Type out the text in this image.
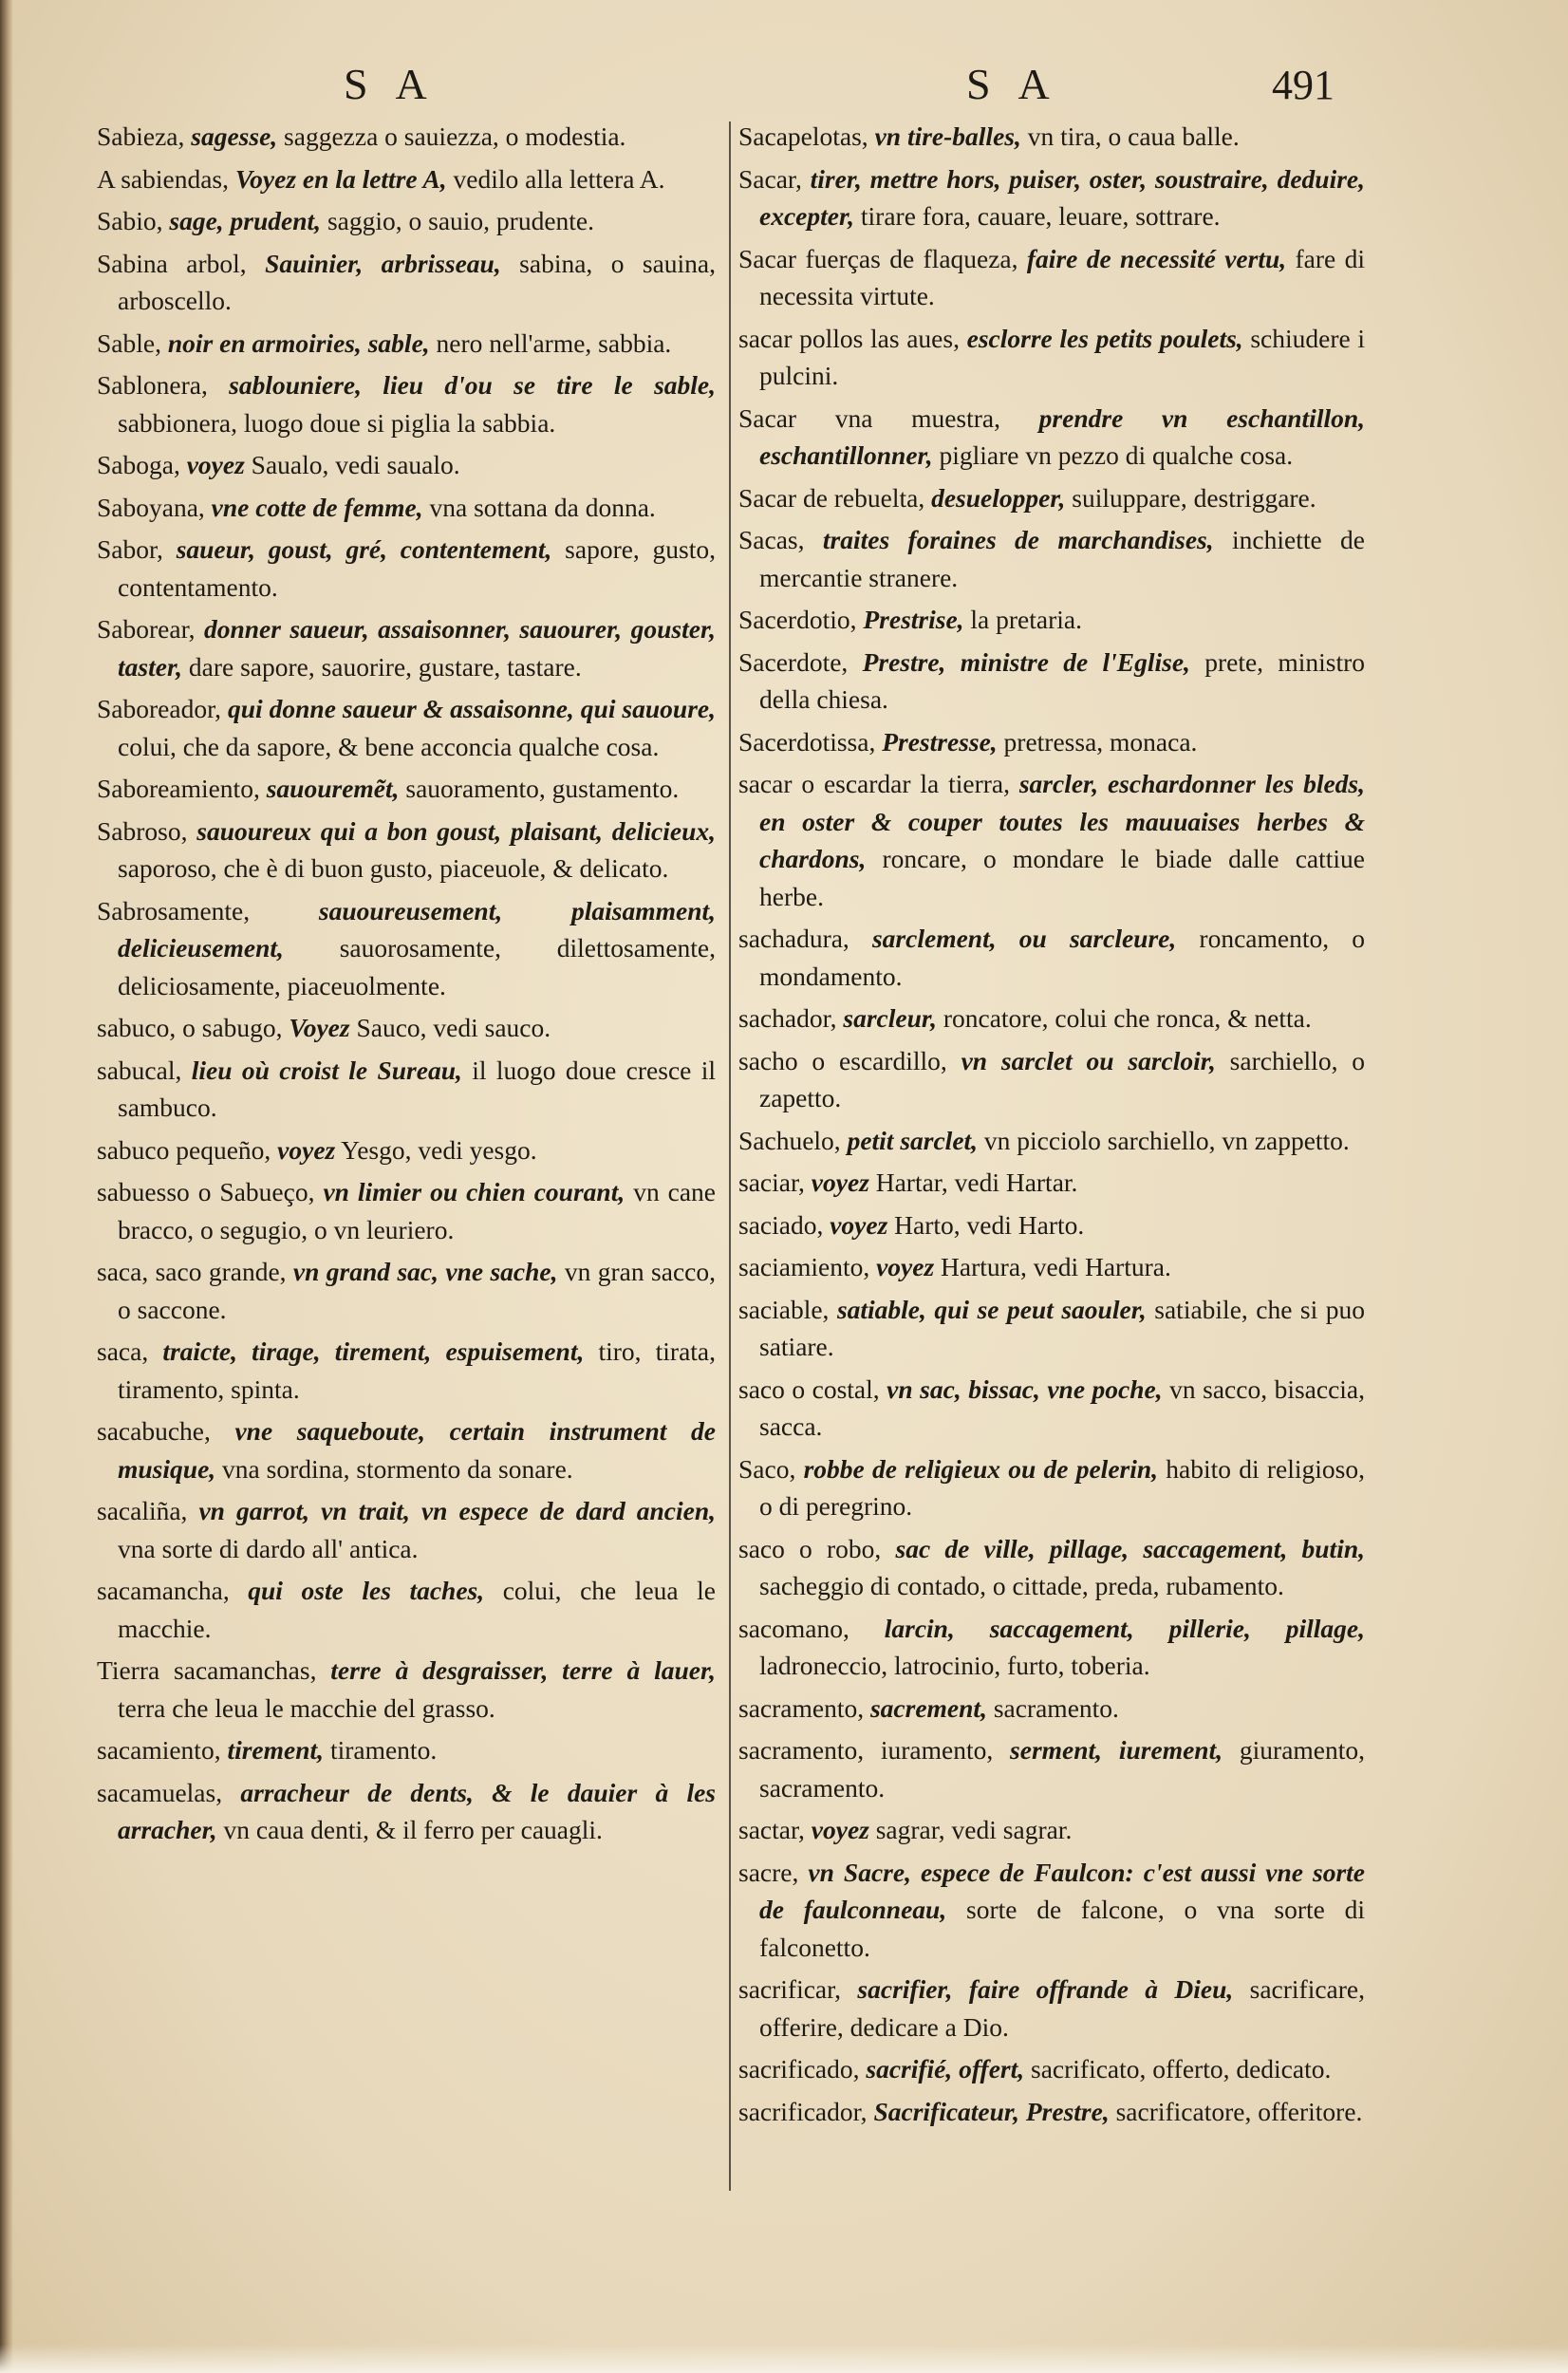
S A	S A	491

Sabieza, sagesse, saggezza o sauiezza, o modestia.

A sabiendas, Voyez en la lettre A, vedilo alla lettera A.

Sabio, sage, prudent, saggio, o sauio, prudente.

Sabina arbol, Sauinier, arbrisseau, sabina, o sauina, arboscello.

Sable, noir en armoiries, sable, nero nell'arme, sabbia.

Sablonera, sablouniere, lieu d'ou se tire le sable, sabbionera, luogo doue si piglia la sabbia.

Saboga, voyez Saualo, vedi saualo.

Saboyana, vne cotte de femme, vna sottana da donna.

Sabor, saueur, goust, gré, contentement, sapore, gusto, contentamento.

Saborear, donner saueur, assaisonner, sauourer, gouster, taster, dare sapore, sauorire, gustare, tastare.

Saboreador, qui donne saueur & assaisonne, qui sauoure, colui, che da sapore, & bene acconcia qualche cosa.

Saboreamiento, sauouremẽt, sauoramento, gustamento.

Sabroso, sauoureux qui a bon goust, plaisant, delicieux, saporoso, che è di buon gusto, piaceuole, & delicato.

Sabrosamente,	sauoureusement, plaisamment, delicieusement, sauorosamente, dilettosamente, deliciosamente, piaceuolmente.

sabuco, o sabugo, Voyez Sauco, vedi sauco.

sabucal, lieu où croist le Sureau, il luogo doue cresce il sambuco.

sabuco pequeño, voyez Yesgo, vedi yesgo.

sabuesso o Sabueço, vn limier ou chien courant, vn cane bracco, o segugio, o vn leuriero.

saca, saco grande, vn grand sac, vne sache, vn gran sacco, o saccone.

saca, traicte, tirage, tirement, espuisement, tiro, tirata, tiramento, spinta.

sacabuche, vne saqueboute, certain instrument de musique, vna sordina, stormento da sonare.

sacaliña, vn garrot, vn trait, vn espece de dard ancien, vna sorte di dardo all' antica.

sacamancha, qui oste les taches, colui, che leua le macchie.

Tierra sacamanchas, terre à desgraisser, terre à lauer, terra che leua le macchie del grasso.

sacamiento, tirement, tiramento.

sacamuelas, arracheur de dents, & le dauier à les arracher, vn caua denti, & il ferro per cauagli.

Sacapelotas, vn tire-balles, vn tira, o caua balle.

Sacar, tirer, mettre hors, puiser, oster, soustraire, deduire, excepter, tirare fora, cauare, leuare, sottrare.

Sacar fuerças de flaqueza, faire de necessité vertu, fare di necessita virtute.

sacar pollos las aues, esclorre les petits poulets, schiudere i pulcini.

Sacar vna muestra, prendre vn eschantillon, eschantillonner, pigliare vn pezzo di qualche cosa.

Sacar de rebuelta, desuelopper, suiluppare, destriggare.

Sacas, traites foraines de marchandises, inchiette de mercantie stranere.

Sacerdotio, Prestrise, la pretaria.

Sacerdote, Prestre, ministre de l'Eglise, prete, ministro della chiesa.

Sacerdotissa, Prestresse, pretressa, monaca.

sacar o escardar la tierra, sarcler, eschardonner les bleds, en oster & couper toutes les mauuaises herbes & chardons, roncare, o mondare le biade dalle cattiue herbe.

sachadura, sarclement, ou sarcleure, roncamento, o mondamento.

sachador, sarcleur, roncatore, colui che ronca, & netta.

sacho o escardillo, vn sarclet ou sarcloir, sarchiello, o zapetto.

Sachuelo, petit sarclet, vn picciolo sarchiello, vn zappetto.

saciar, voyez Hartar, vedi Hartar.

saciado, voyez Harto, vedi Harto.

saciamiento, voyez Hartura, vedi Hartura.

saciable, satiable, qui se peut saouler, satiabile, che si puo satiare.

saco o costal, vn sac, bissac, vne poche, vn sacco, bisaccia, sacca.

Saco, robbe de religieux ou de pelerin, habito di religioso, o di peregrino.

saco o robo, sac de ville, pillage, saccagement, butin, sacheggio di contado, o cittade, preda, rubamento.

sacomano, larcin, saccagement, pillerie, pillage, ladroneccio, latrocinio, furto, toberia.

sacramento, sacrement, sacramento.

sacramento, iuramento, serment, iurement, giuramento, sacramento.

sactar, voyez sagrar, vedi sagrar.

sacre, vn Sacre, espece de Faulcon: c'est aussi vne sorte de faulconneau, sorte de falcone, o vna sorte di falconetto.

sacrificar, sacrifier, faire offrande à Dieu, sacrificare, offerire, dedicare a Dio.

sacrificado, sacrifié, offert, sacrificato, offerto, dedicato.

sacrificador, Sacrificateur, Prestre, sacrificatore, offeritore.
